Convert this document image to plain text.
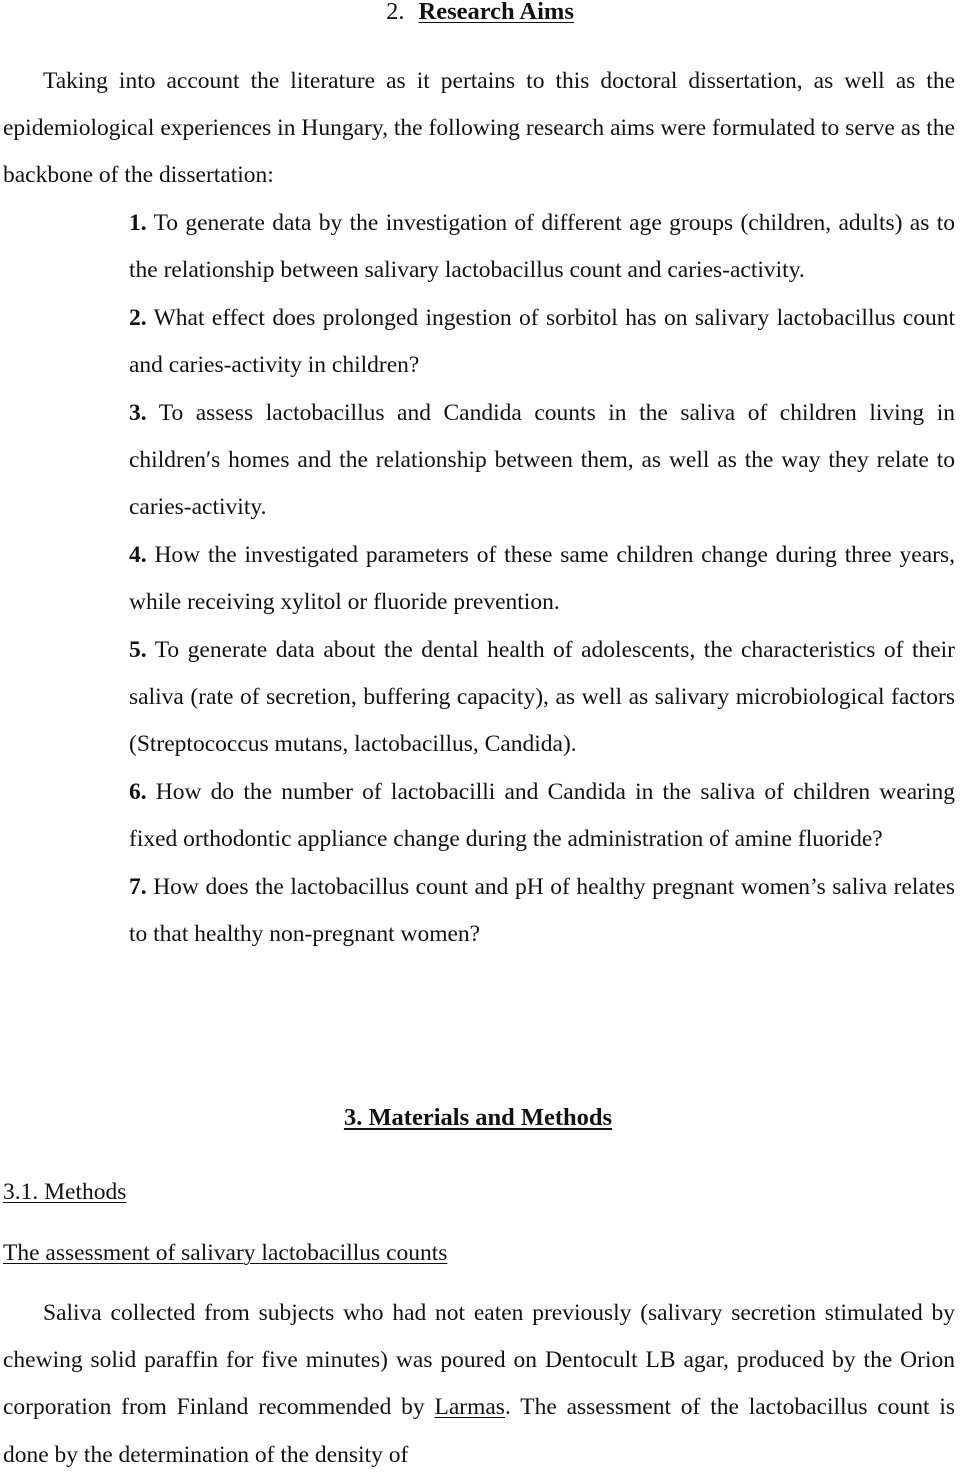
2. Research Aims

Taking into account the literature as it pertains to this doctoral dissertation, as well as the epidemiological experiences in Hungary, the following research aims were formulated to serve as the backbone of the dissertation:

1. To generate data by the investigation of different age groups (children, adults) as to the relationship between salivary lactobacillus count and caries-activity.
2. What effect does prolonged ingestion of sorbitol has on salivary lactobacillus count and caries-activity in children?
3. To assess lactobacillus and Candida counts in the saliva of children living in children′s homes and the relationship between them, as well as the way they relate to caries-activity.
4. How the investigated parameters of these same children change during three years, while receiving xylitol or fluoride prevention.
5. To generate data about the dental health of adolescents, the characteristics of their saliva (rate of secretion, buffering capacity), as well as salivary microbiological factors (Streptococcus mutans, lactobacillus, Candida).
6. How do the number of lactobacilli and Candida in the saliva of children wearing fixed orthodontic appliance change during the administration of amine fluoride?
7. How does the lactobacillus count and pH of healthy pregnant women’s saliva relates to that healthy non-pregnant women?
3. Materials and Methods
3.1. Methods
The assessment of salivary lactobacillus counts

Saliva collected from subjects who had not eaten previously (salivary secretion stimulated by chewing solid paraffin for five minutes) was poured on Dentocult LB agar, produced by the Orion corporation from Finland recommended by Larmas. The assessment of the lactobacillus count is done by the determination of the density of
